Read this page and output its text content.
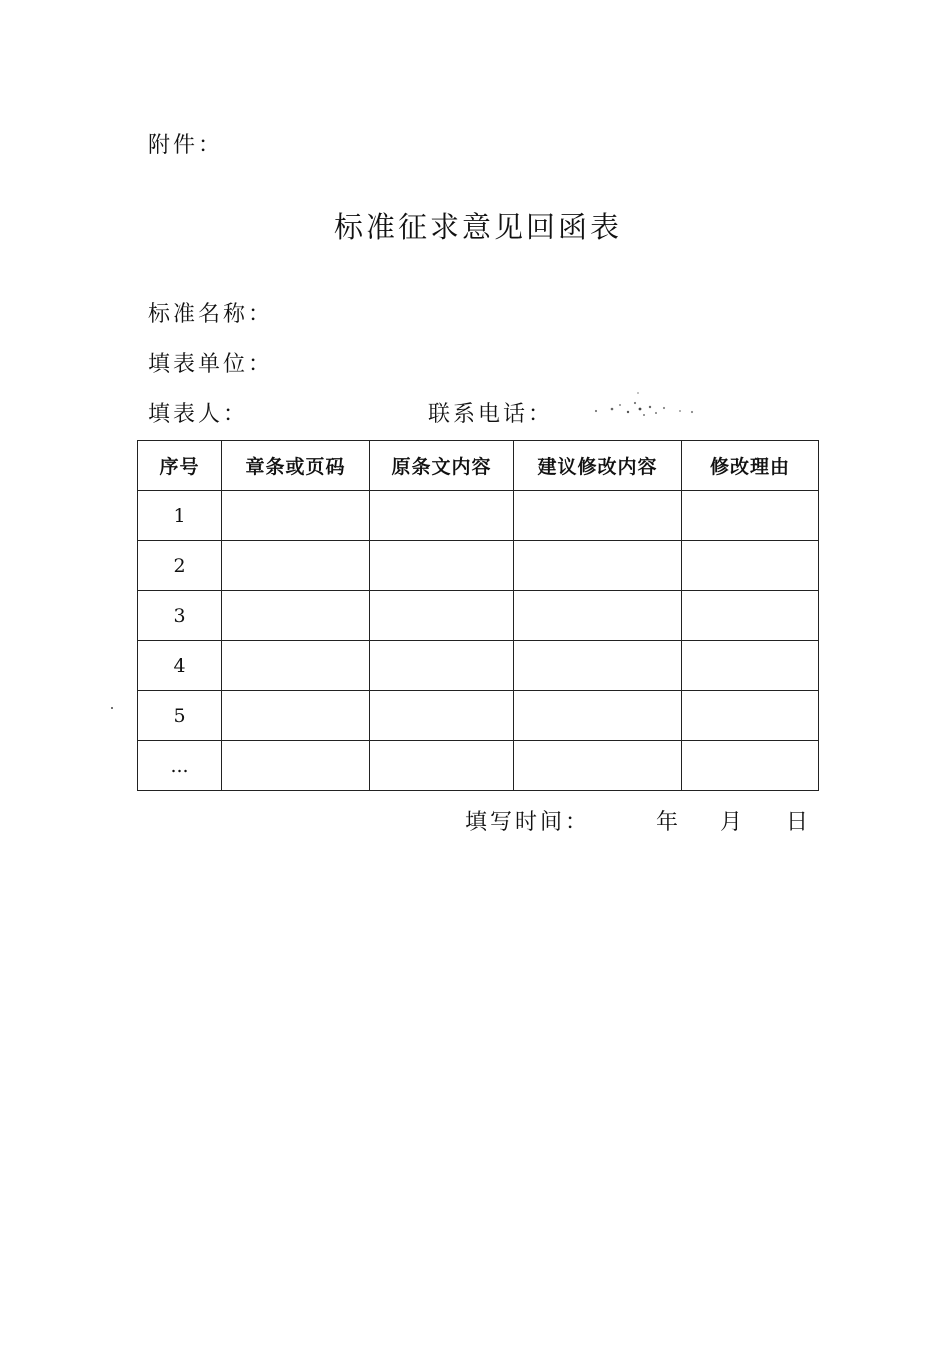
附件：
标准征求意见回函表
标准名称：
填表单位：
填表人：	联系电话：
序号	章条或页码	原条文内容	建议修改内容	修改理由
1				
2				
3				
4				
5				
...				
填写时间：	年 月 日
